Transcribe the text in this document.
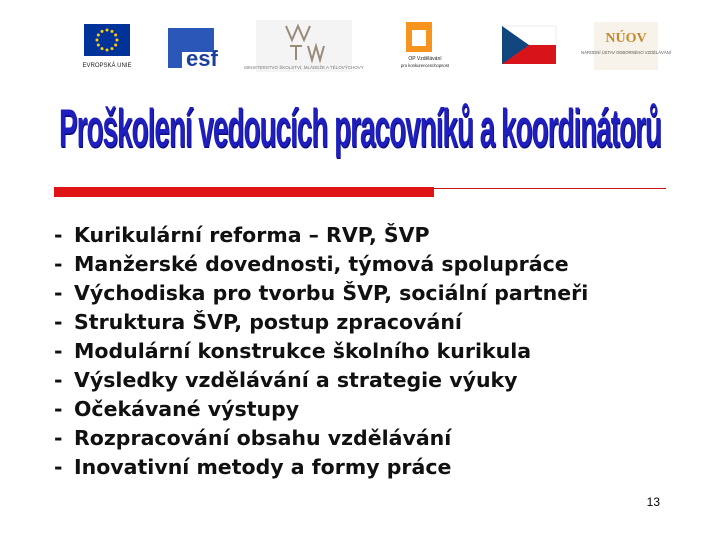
EVROPSKÁ UNIE esf	MINISTERSTVO ŠKOLSTVÍ, MLÁDEŽE A TĚLOVÝCHOVY
OP Vzdělávání
pro konkurenceschopnost
NÚOV
NÁRODNÍ ÚSTAV ODBORNÉHO VZDĚLÁVÁNÍ
Proškolení vedoucích pracovníků a koordinátorů
- Kurikulární reforma – RVP, ŠVP
- Manžerské dovednosti, týmová spolupráce
- Východiska pro tvorbu ŠVP, sociální partneři
- Struktura ŠVP, postup zpracování
- Modulární konstrukce školního kurikula
- Výsledky vzdělávání a strategie výuky
- Očekávané výstupy
- Rozpracování obsahu vzdělávání
- Inovativní metody a formy práce
13
